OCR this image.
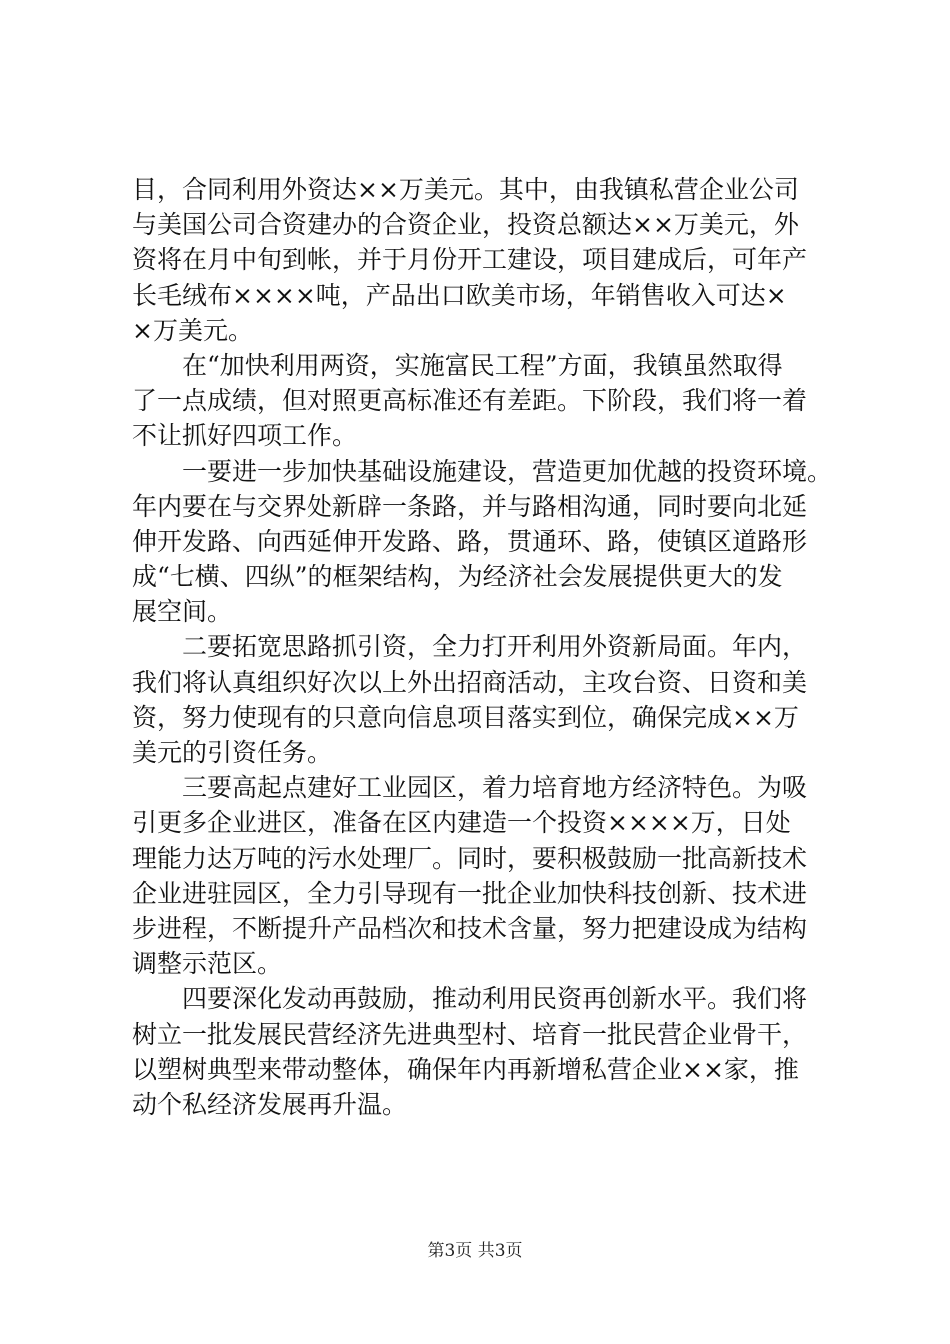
目，合同利用外资达××万美元。其中，由我镇私营企业公司
与美国公司合资建办的合资企业，投资总额达××万美元，外
资将在月中旬到帐，并于月份开工建设，项目建成后，可年产
长毛绒布××××吨，产品出口欧美市场，年销售收入可达×
×万美元。
　　在“加快利用两资，实施富民工程”方面，我镇虽然取得
了一点成绩，但对照更高标准还有差距。下阶段，我们将一着
不让抓好四项工作。
　　一要进一步加快基础设施建设，营造更加优越的投资环境。
年内要在与交界处新辟一条路，并与路相沟通，同时要向北延
伸开发路、向西延伸开发路、路，贯通环、路，使镇区道路形
成“七横、四纵”的框架结构，为经济社会发展提供更大的发
展空间。
　　二要拓宽思路抓引资，全力打开利用外资新局面。年内，
我们将认真组织好次以上外出招商活动，主攻台资、日资和美
资，努力使现有的只意向信息项目落实到位，确保完成××万
美元的引资任务。
　　三要高起点建好工业园区，着力培育地方经济特色。为吸
引更多企业进区，准备在区内建造一个投资××××万，日处
理能力达万吨的污水处理厂。同时，要积极鼓励一批高新技术
企业进驻园区，全力引导现有一批企业加快科技创新、技术进
步进程，不断提升产品档次和技术含量，努力把建设成为结构
调整示范区。
　　四要深化发动再鼓励，推动利用民资再创新水平。我们将
树立一批发展民营经济先进典型村、培育一批民营企业骨干，
以塑树典型来带动整体，确保年内再新增私营企业××家，推
动个私经济发展再升温。
第3页 共3页
